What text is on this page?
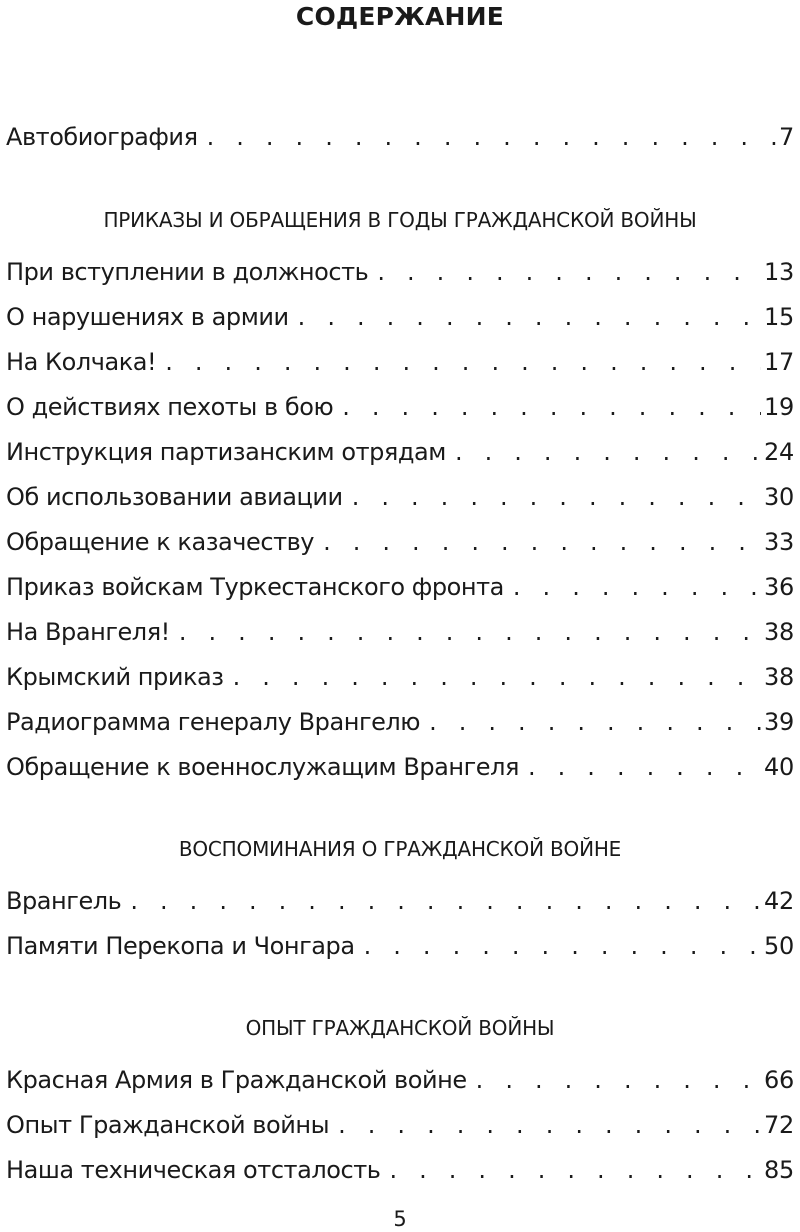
СОДЕРЖАНИЕ
Автобиография . . .	7
ПРИКАЗЫ И ОБРАЩЕНИЯ В ГОДЫ ГРАЖДАНСКОЙ ВОЙНЫ
При вступлении в должность . . .	13
О нарушениях в армии . . .	15
На Колчака! . . .	17
О действиях пехоты в бою . . .	19
Инструкция партизанским отрядам . . .	24
Об использовании авиации . . .	30
Обращение к казачеству . . .	33
Приказ войскам Туркестанского фронта . . .	36
На Врангеля! . . .	38
Крымский приказ . . .	38
Радиограмма генералу Врангелю . . .	39
Обращение к военнослужащим Врангеля . . .	40
ВОСПОМИНАНИЯ О ГРАЖДАНСКОЙ ВОЙНЕ
Врангель . . .	42
Памяти Перекопа и Чонгара . . .	50
ОПЫТ ГРАЖДАНСКОЙ ВОЙНЫ
Красная Армия в Гражданской войне . . .	66
Опыт Гражданской войны . . .	72
Наша техническая отсталость . . .	85
5
